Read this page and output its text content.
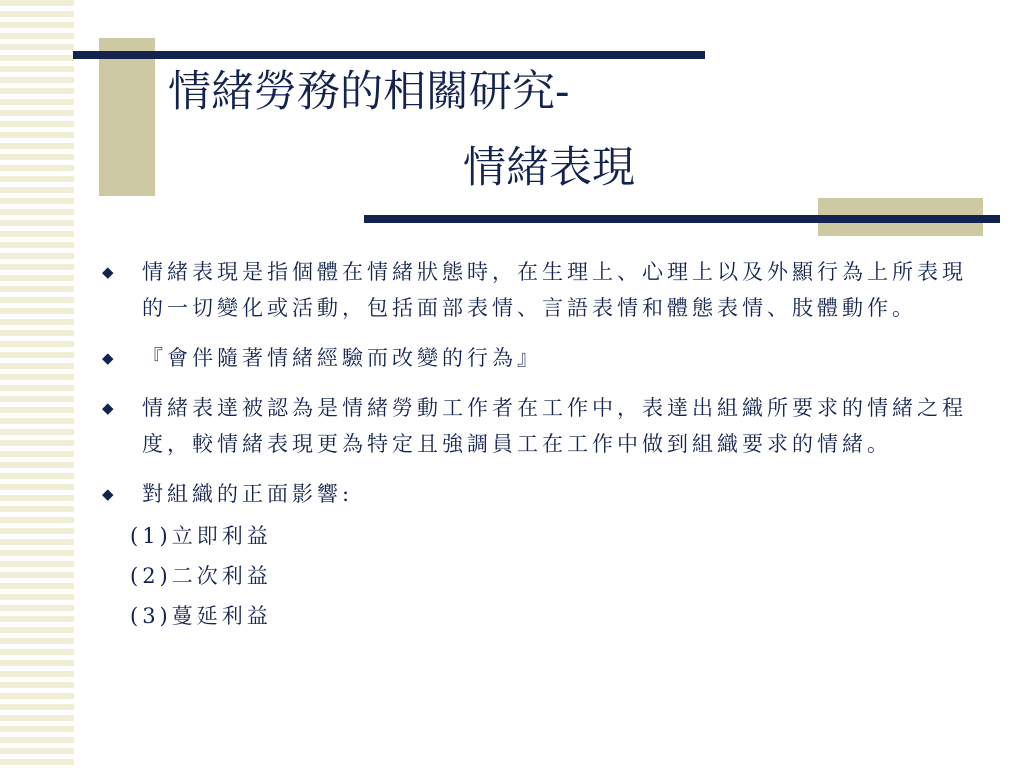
情緒勞務的相關研究-
情緒表現
◆ 情緒表現是指個體在情緒狀態時，在生理上、心理上以及外顯行為上所表現的一切變化或活動，包括面部表情、言語表情和體態表情、肢體動作。
◆ 『會伴隨著情緒經驗而改變的行為』
◆ 情緒表達被認為是情緒勞動工作者在工作中，表達出組織所要求的情緒之程度，較情緒表現更為特定且強調員工在工作中做到組織要求的情緒。
◆ 對組織的正面影響:
(1)立即利益
(2)二次利益
(3)蔓延利益
